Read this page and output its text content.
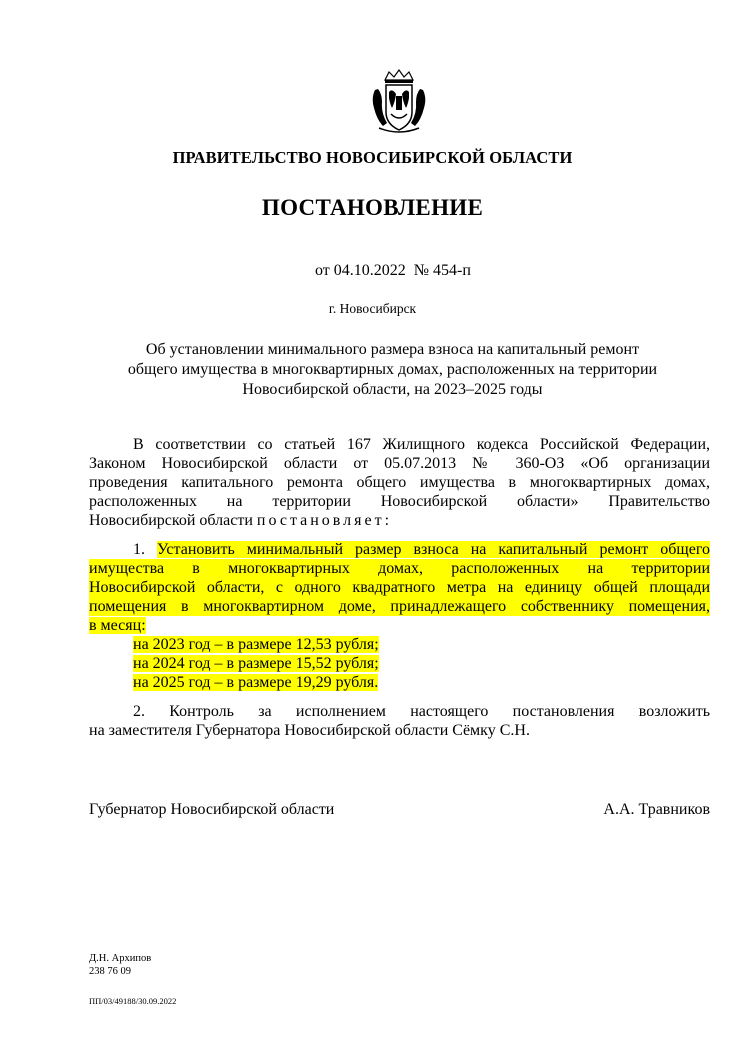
ПРАВИТЕЛЬСТВО НОВОСИБИРСКОЙ ОБЛАСТИ
ПОСТАНОВЛЕНИЕ
от 04.10.2022  № 454-п
г. Новосибирск
Об установлении минимального размера взноса на капитальный ремонт
общего имущества в многоквартирных домах, расположенных на территории
Новосибирской области, на 2023–2025 годы
В соответствии со статьей 167 Жилищного кодекса Российской Федерации,
Законом Новосибирской области от 05.07.2013 № 360-ОЗ «Об организации
проведения капитального ремонта общего имущества в многоквартирных домах,
расположенных на территории Новосибирской области» Правительство
Новосибирской области постановляет:
1. Установить минимальный размер взноса на капитальный ремонт общего
имущества в многоквартирных домах, расположенных на территории
Новосибирской области, с одного квадратного метра на единицу общей площади
помещения в многоквартирном доме, принадлежащего собственнику помещения,
в месяц:
на 2023 год – в размере 12,53 рубля;
на 2024 год – в размере 15,52 рубля;
на 2025 год – в размере 19,29 рубля.
2. Контроль за исполнением настоящего постановления возложить
на заместителя Губернатора Новосибирской области Сёмку С.Н.
Губернатор Новосибирской области	А.А. Травников
Д.Н. Архипов
238 76 09
ПП/03/49188/30.09.2022
